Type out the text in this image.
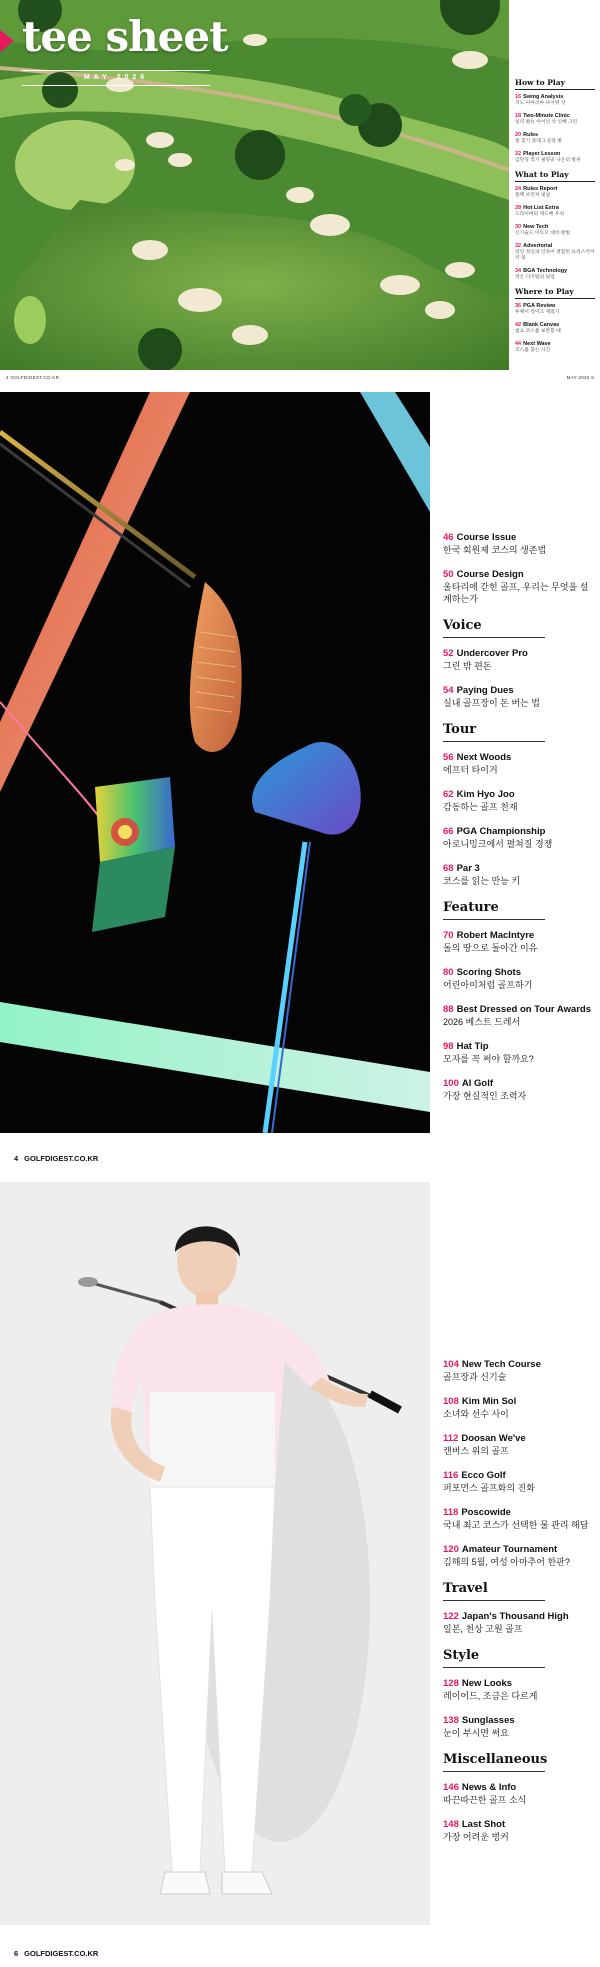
tee sheet
MAY 2026
How to Play
16 Swing Analysis
지노 이마리마 다이빙 샷
18 Two-Minute Clinic
일리 발뉴 아이언 샷 인배 그린
20 Rules
볼 찾기 플래그 골라 방
22 Player Lesson
김민정 작가 필링골 나온터 방위
What to Play
24 Rules Report
플랙 브런치 핏실
28 Hot List Extra
드라이버의 캐드베 우쉬
30 New Tech
신기술드 이트모 대비 방법
32 Advertorial
장인 정신과 인파이 결합된 프리스키어키 외
34 BGA Technology
적은 디지털의 핏업
Where to Play
36 PGA Review
투체어 정이크 재밌기
42 Blank Canvas
첨요 코스를 보완할 때
44 Next Wave
코스를 찾는 사진
4 GOLFDIGEST.CO.KR	MAY 2026 5
46 Course Issue
한국 회원제 코스의 생존법
50 Course Design
울타리에 갇힌 골프, 우리는 무엇을 설계하는가
Voice
52 Undercover Pro
그린 밖 편돈
54 Paying Dues
실내 골프장이 돈 버는 법
Tour
56 Next Woods
에프터 타이거
62 Kim Hyo Joo
감동하는 골프 천재
66 PGA Championship
아로니밍크에서 펼쳐질 경쟁
68 Par 3
코스를 읽는 만능 키
Feature
70 Robert MacIntyre
돌의 땅으로 돌아간 이유
80 Scoring Shots
어린아이처럼 골프하기
88 Best Dressed on Tour Awards
2026 베스트 드레서
98 Hat Tip
모자를 꼭 써야 할까요?
100 AI Golf
가장 현실적인 조력자
4 GOLFDIGEST.CO.KR
104 New Tech Course
골프장과 신기술
108 Kim Min Sol
소녀와 선수 사이
112 Doosan We've
캔버스 위의 골프
116 Ecco Golf
퍼포먼스 골프화의 진화
118 Poscowide
국내 최고 코스가 선택한 물 관리 해답
120 Amateur Tournament
김해의 5월, 여성 아마추어 한판?
Travel
122 Japan's Thousand High
일본, 천상 고원 골프
Style
128 New Looks
레이어드, 조금은 다르게
138 Sunglasses
눈이 부시면 써요
Miscellaneous
146 News & Info
따끈따끈한 골프 소식
148 Last Shot
가장 어려운 벙커
6 GOLFDIGEST.CO.KR
